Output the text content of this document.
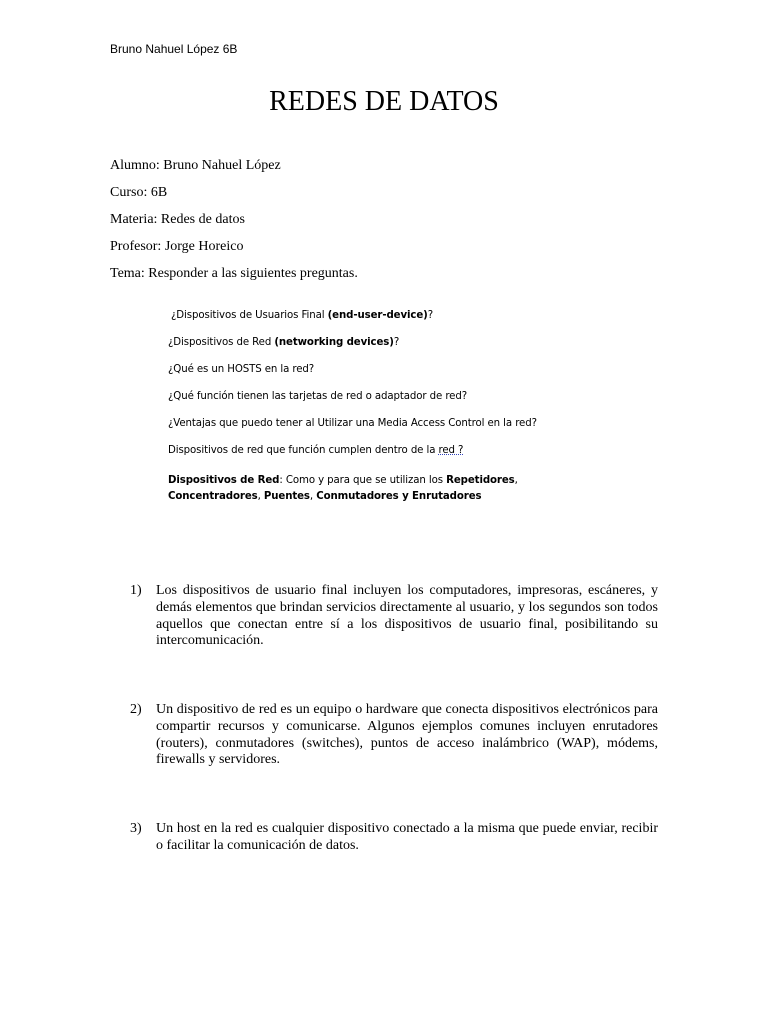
Bruno Nahuel López 6B
REDES DE DATOS
Alumno: Bruno Nahuel López
Curso: 6B
Materia: Redes de datos
Profesor: Jorge Horeico
Tema: Responder a las siguientes preguntas.
¿Dispositivos de Usuarios Final (end-user-device)?
¿Dispositivos de Red (networking devices)?
¿Qué es un HOSTS en la red?
¿Qué función tienen las tarjetas de red o adaptador de red?
¿Ventajas que puedo tener al Utilizar una Media Access Control en la red?
Dispositivos de red que función cumplen dentro de la red ?
Dispositivos de Red: Como y para que se utilizan los Repetidores,
Concentradores, Puentes, Conmutadores y Enrutadores
1)	Los dispositivos de usuario final incluyen los computadores, impresoras, escáneres, y demás elementos que brindan servicios directamente al usuario, y los segundos son todos aquellos que conectan entre sí a los dispositivos de usuario final, posibilitando su intercomunicación.
2)	Un dispositivo de red es un equipo o hardware que conecta dispositivos electrónicos para compartir recursos y comunicarse. Algunos ejemplos comunes incluyen enrutadores (routers), conmutadores (switches), puntos de acceso inalámbrico (WAP), módems, firewalls y servidores.
3)	Un host en la red es cualquier dispositivo conectado a la misma que puede enviar, recibir o facilitar la comunicación de datos.
